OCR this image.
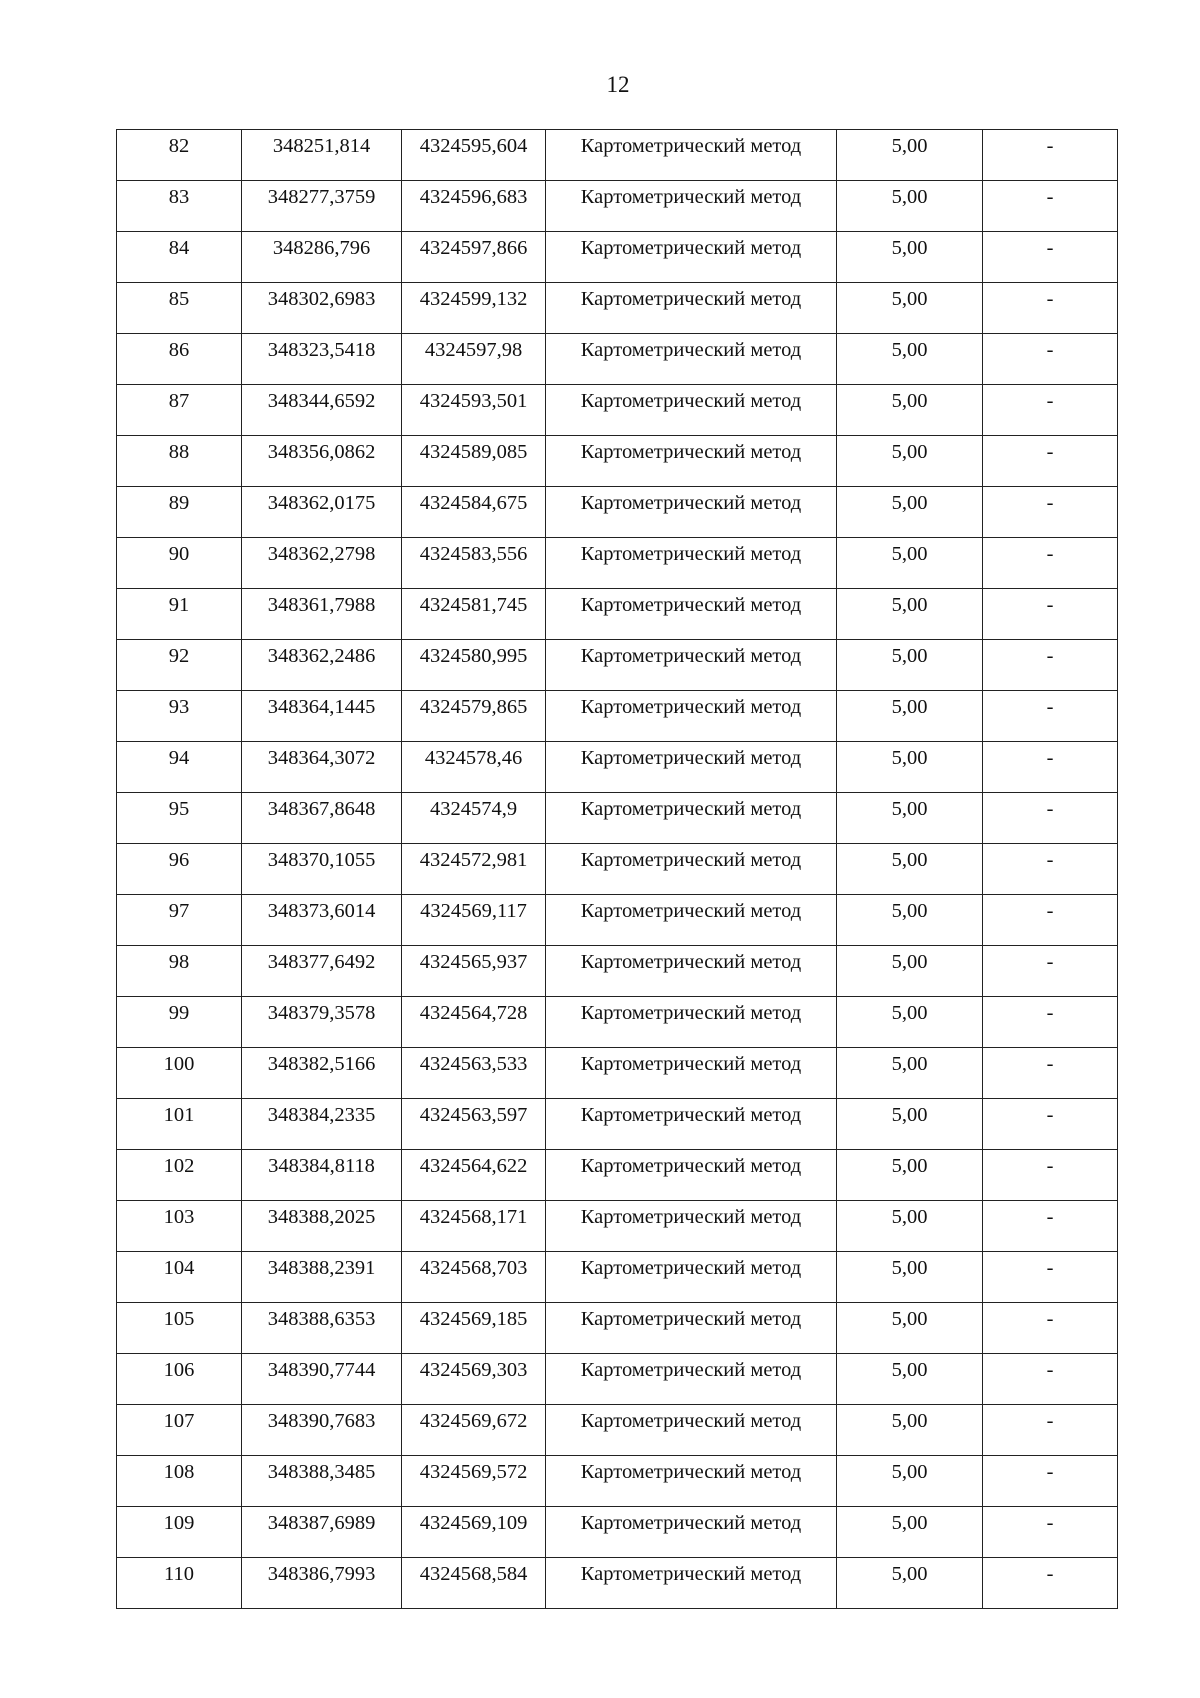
12
82	348251,814	4324595,604	Картометрический метод	5,00	-

83	348277,3759	4324596,683	Картометрический метод	5,00	-

84	348286,796	4324597,866	Картометрический метод	5,00	-

85	348302,6983	4324599,132	Картометрический метод	5,00	-

86	348323,5418	4324597,98	Картометрический метод	5,00	-

87	348344,6592	4324593,501	Картометрический метод	5,00	-

88	348356,0862	4324589,085	Картометрический метод	5,00	-

89	348362,0175	4324584,675	Картометрический метод	5,00	-

90	348362,2798	4324583,556	Картометрический метод	5,00	-

91	348361,7988	4324581,745	Картометрический метод	5,00	-

92	348362,2486	4324580,995	Картометрический метод	5,00	-

93	348364,1445	4324579,865	Картометрический метод	5,00	-

94	348364,3072	4324578,46	Картометрический метод	5,00	-

95	348367,8648	4324574,9	Картометрический метод	5,00	-

96	348370,1055	4324572,981	Картометрический метод	5,00	-

97	348373,6014	4324569,117	Картометрический метод	5,00	-

98	348377,6492	4324565,937	Картометрический метод	5,00	-

99	348379,3578	4324564,728	Картометрический метод	5,00	-

100	348382,5166	4324563,533	Картометрический метод	5,00	-

101	348384,2335	4324563,597	Картометрический метод	5,00	-

102	348384,8118	4324564,622	Картометрический метод	5,00	-

103	348388,2025	4324568,171	Картометрический метод	5,00	-

104	348388,2391	4324568,703	Картометрический метод	5,00	-

105	348388,6353	4324569,185	Картометрический метод	5,00	-

106	348390,7744	4324569,303	Картометрический метод	5,00	-

107	348390,7683	4324569,672	Картометрический метод	5,00	-

108	348388,3485	4324569,572	Картометрический метод	5,00	-

109	348387,6989	4324569,109	Картометрический метод	5,00	-

110	348386,7993	4324568,584	Картометрический метод	5,00	-
